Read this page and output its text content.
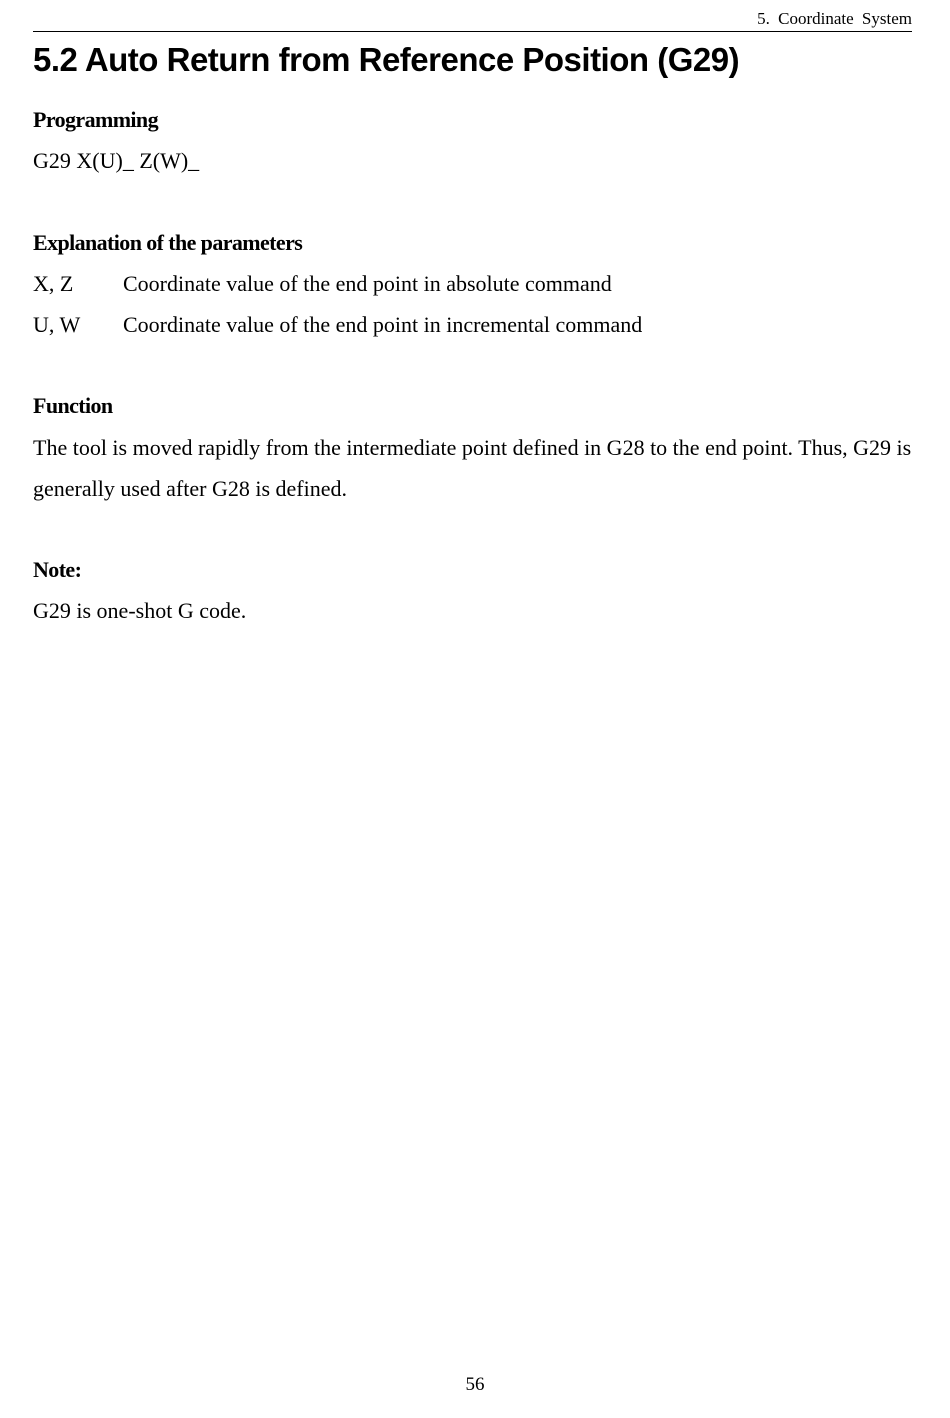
5. Coordinate System
5.2 Auto Return from Reference Position (G29)

Programming

G29 X(U)_ Z(W)_

Explanation of the parameters

X, Z	Coordinate value of the end point in absolute command
U, W	Coordinate value of the end point in incremental command

Function

The tool is moved rapidly from the intermediate point defined in G28 to the end point. Thus, G29 is generally used after G28 is defined.

Note:

G29 is one-shot G code.

56
